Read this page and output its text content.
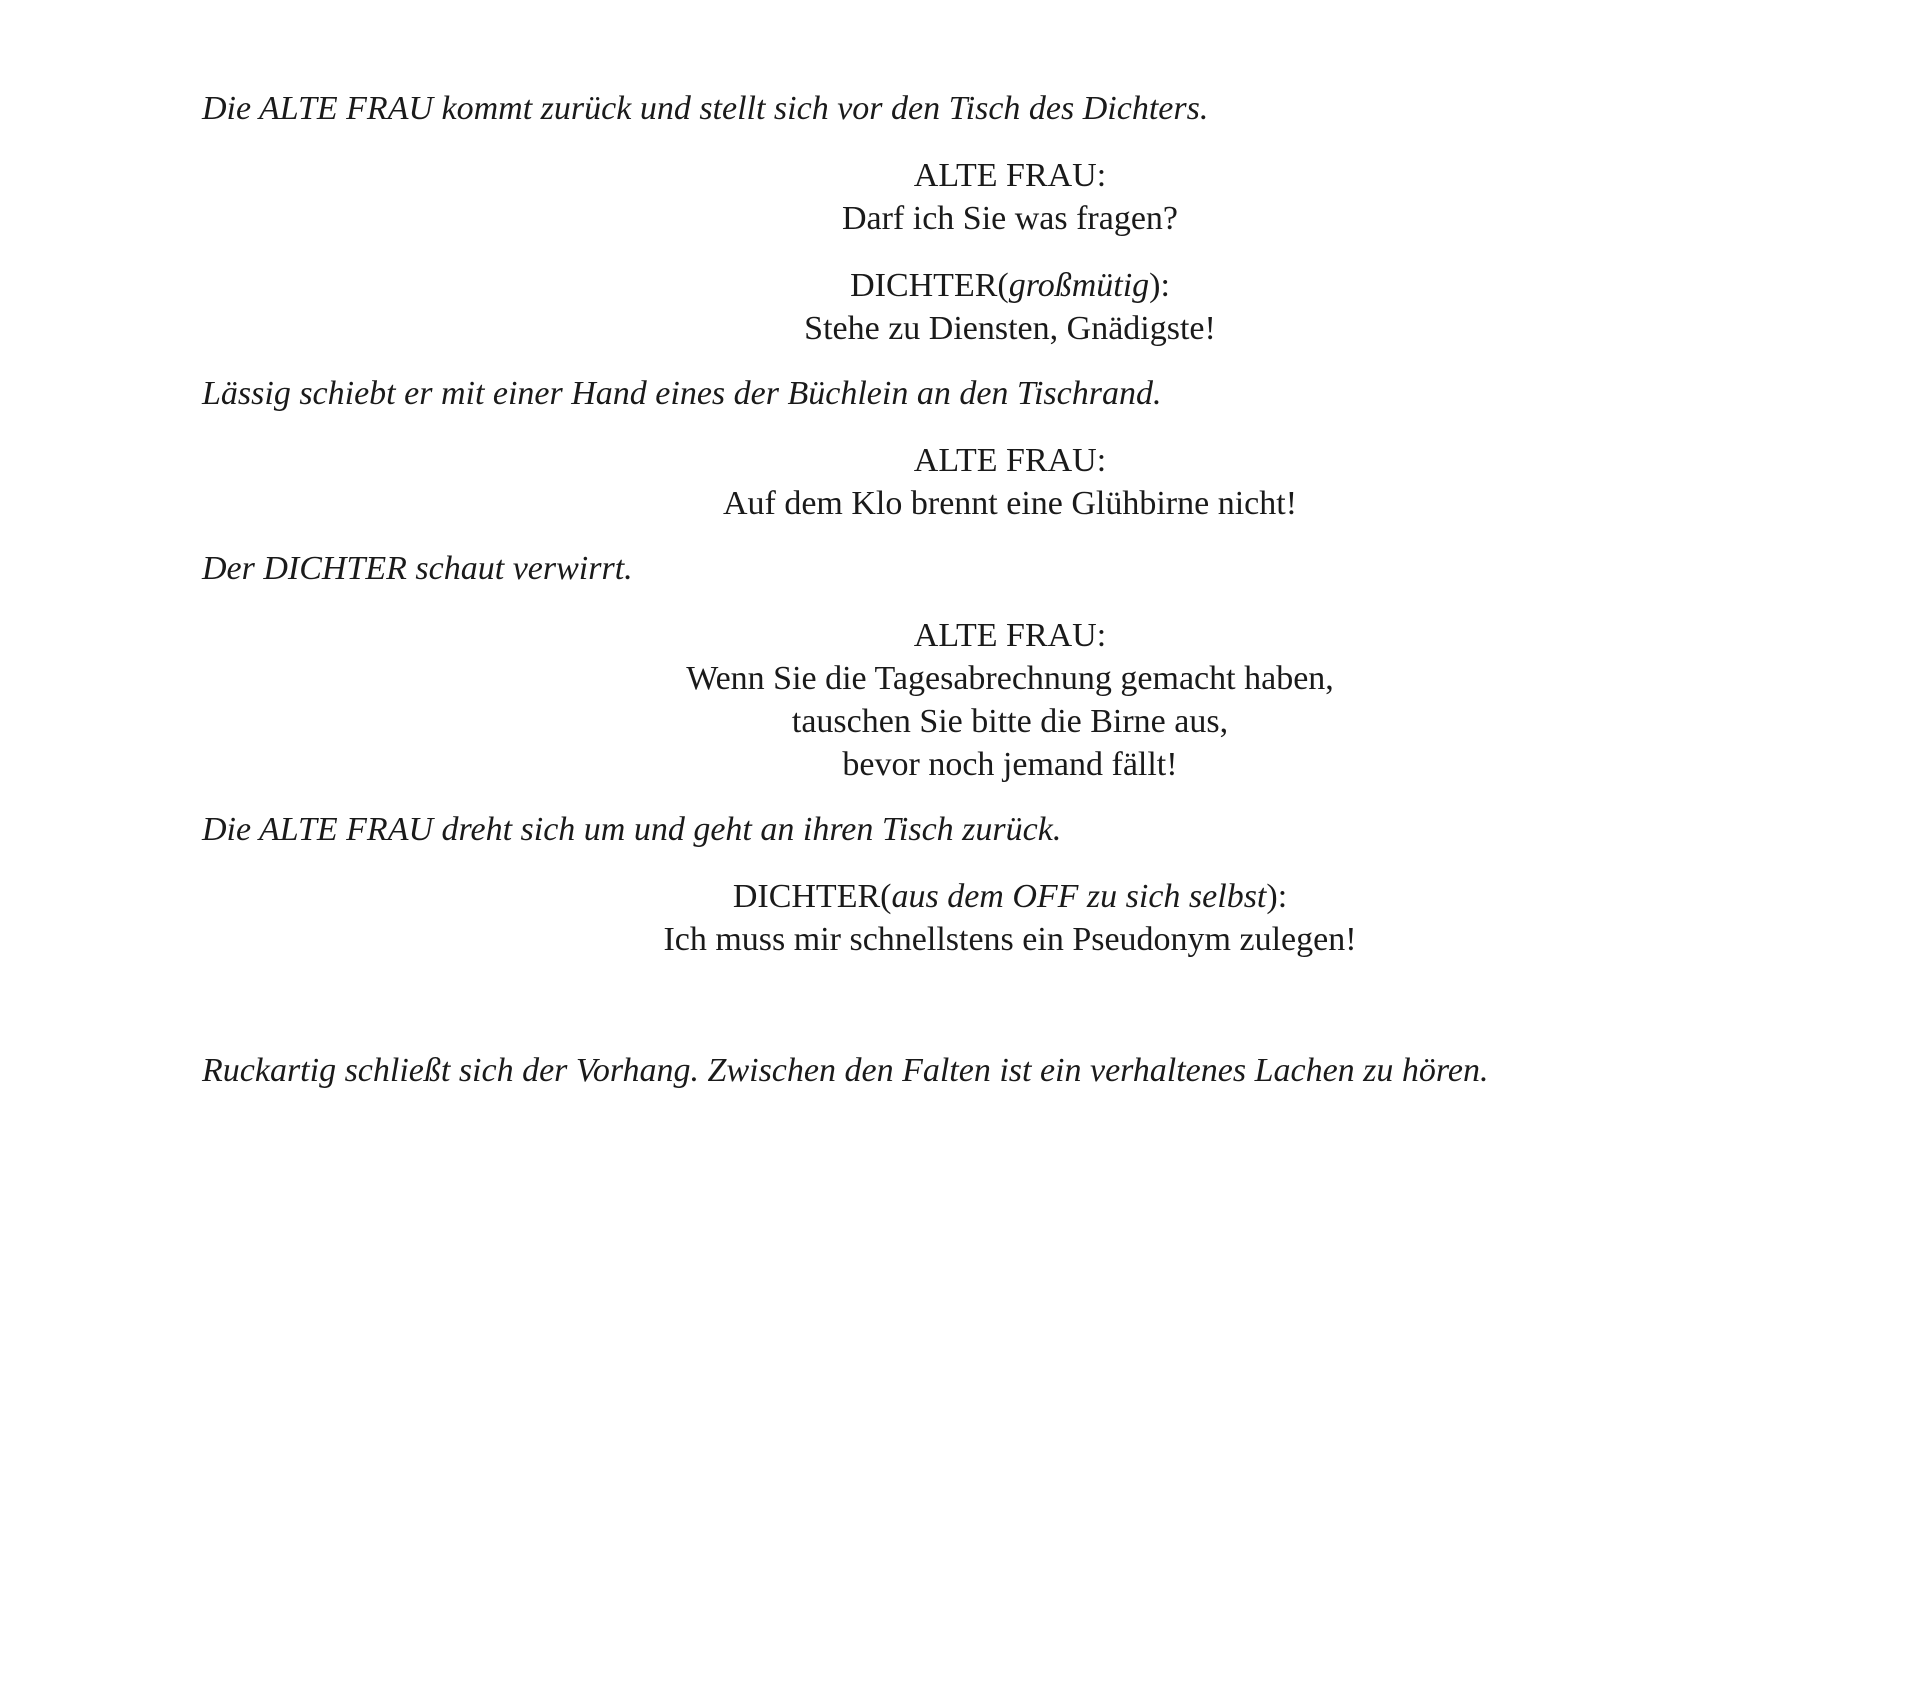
Die ALTE FRAU kommt zurück und stellt sich vor den Tisch des Dichters.
ALTE FRAU:
Darf ich Sie was fragen?
DICHTER(großmütig):
Stehe zu Diensten, Gnädigste!
Lässig schiebt er mit einer Hand eines der Büchlein an den Tischrand.
ALTE FRAU:
Auf dem Klo brennt eine Glühbirne nicht!
Der DICHTER schaut verwirrt.
ALTE FRAU:
Wenn Sie die Tagesabrechnung gemacht haben,
tauschen Sie bitte die Birne aus,
bevor noch jemand fällt!
Die ALTE FRAU dreht sich um und geht an ihren Tisch zurück.
DICHTER(aus dem OFF zu sich selbst):
Ich muss mir schnellstens ein Pseudonym zulegen!
Ruckartig schließt sich der Vorhang. Zwischen den Falten ist ein verhaltenes Lachen zu hören.
